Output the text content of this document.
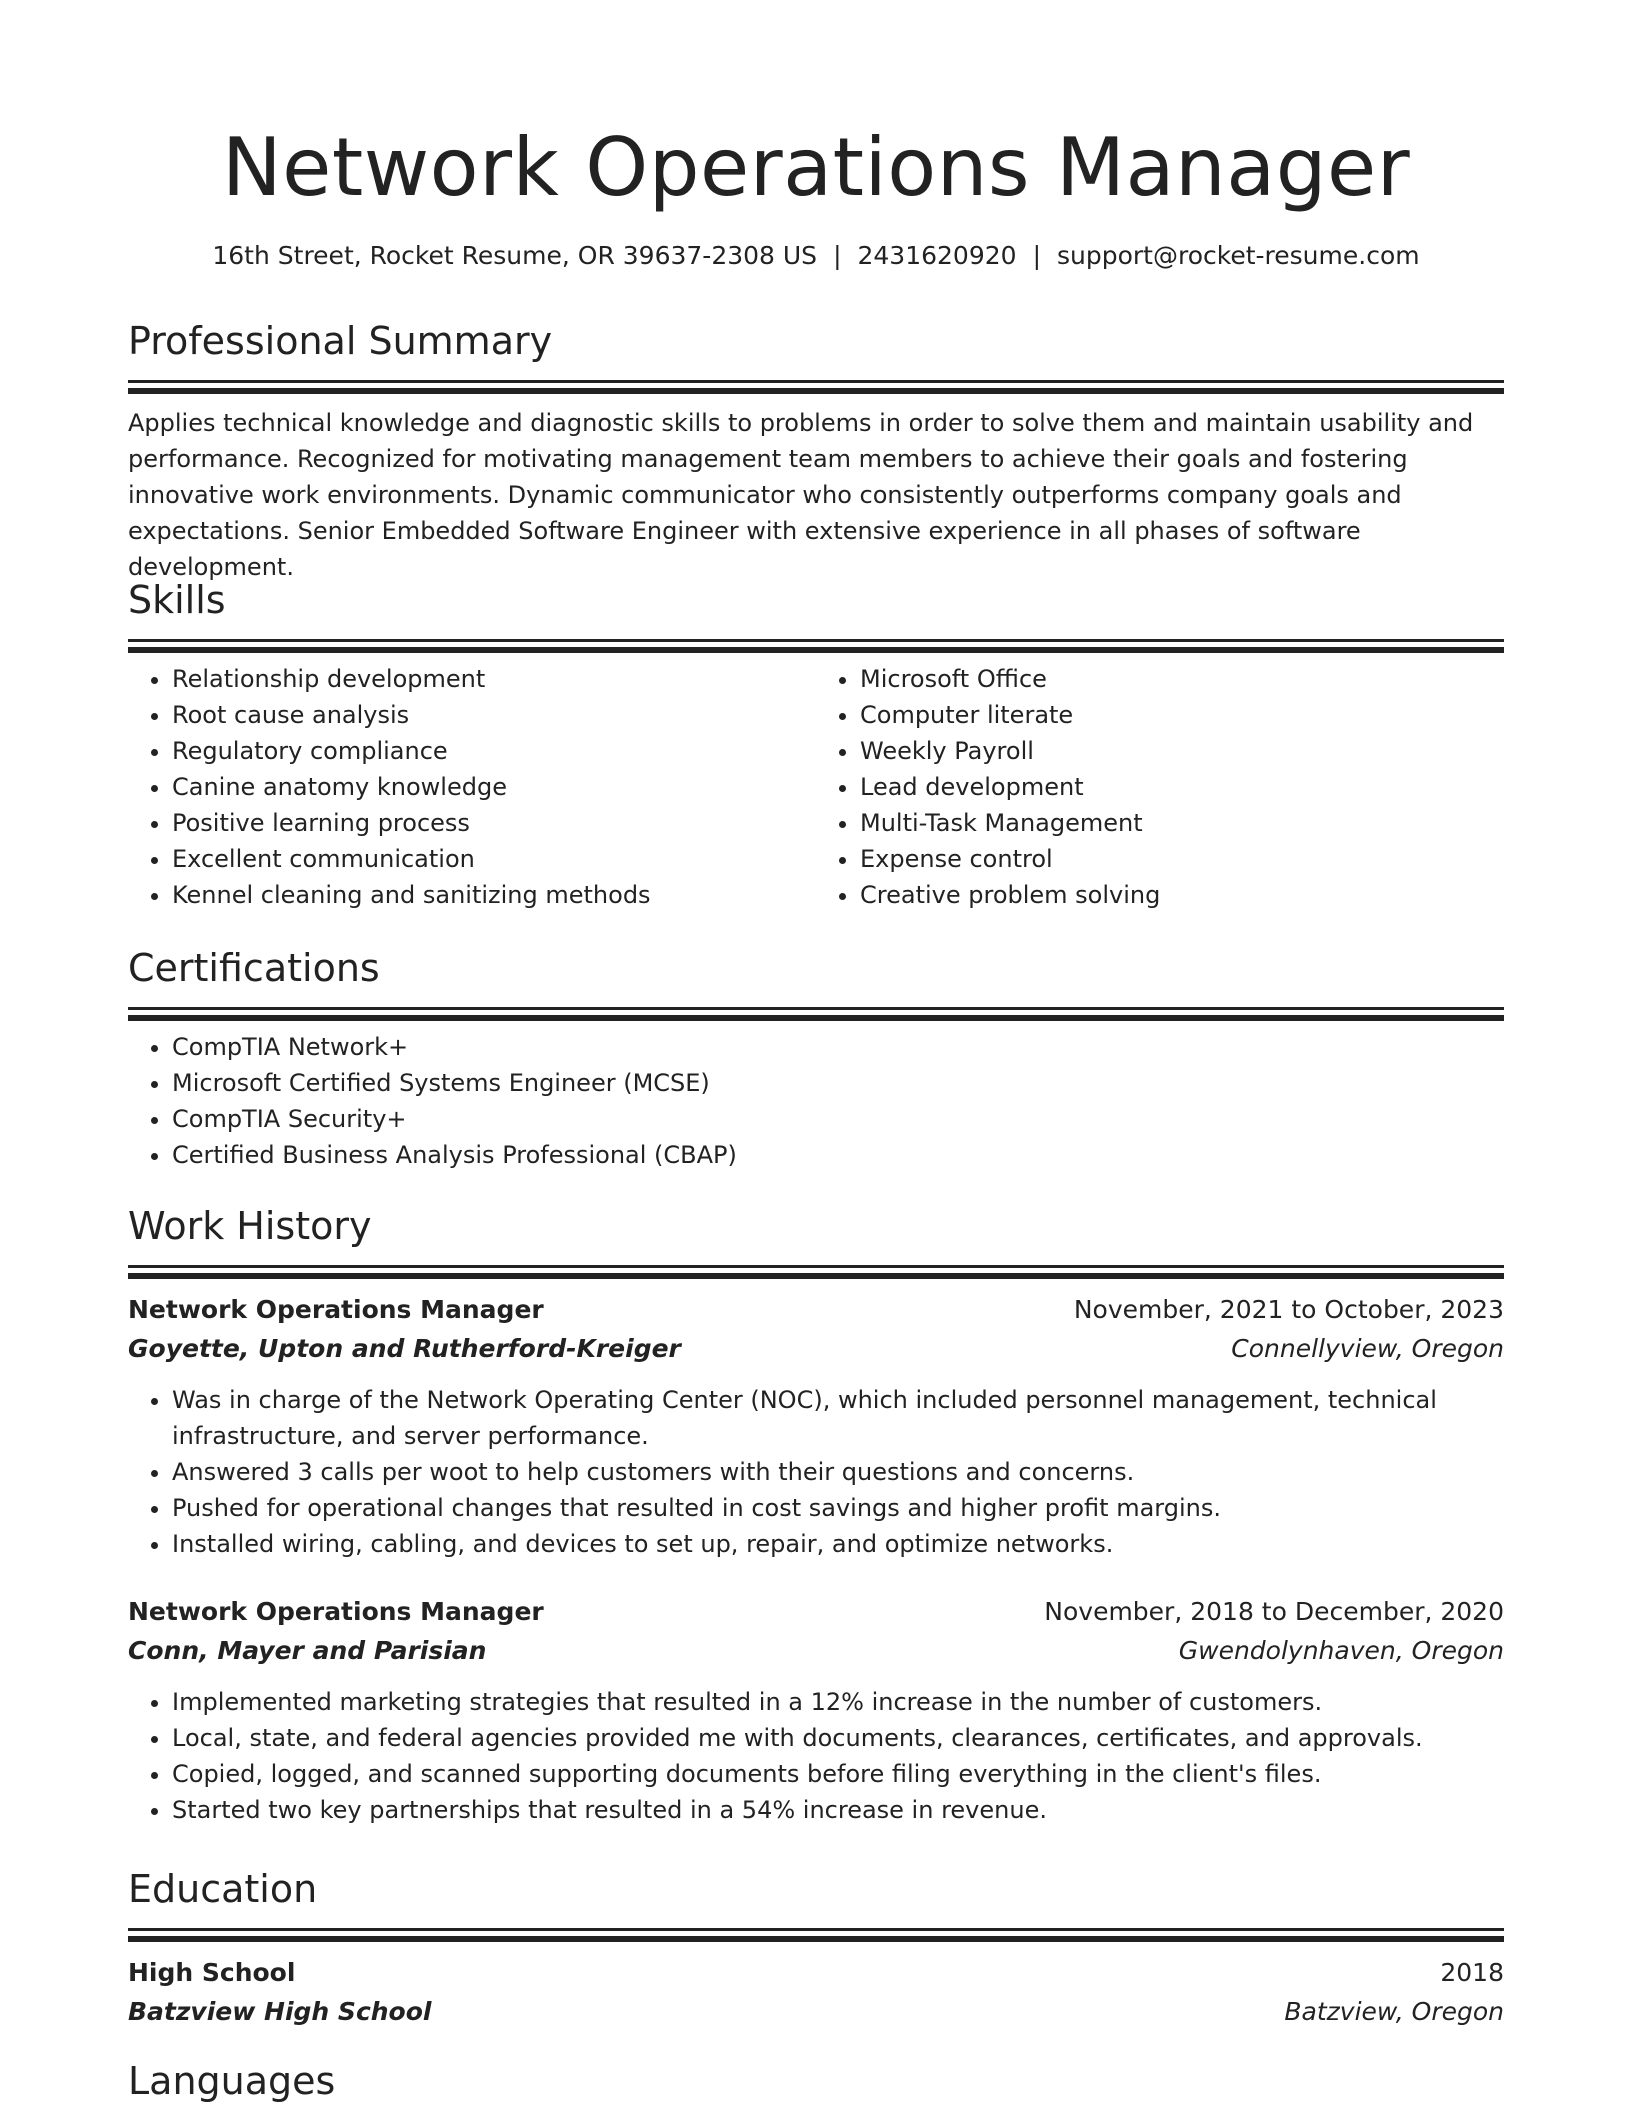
Network Operations Manager
16th Street, Rocket Resume, OR 39637-2308 US | 2431620920 | support@rocket-resume.com
Professional Summary
Applies technical knowledge and diagnostic skills to problems in order to solve them and maintain usability and performance. Recognized for motivating management team members to achieve their goals and fostering innovative work environments. Dynamic communicator who consistently outperforms company goals and expectations. Senior Embedded Software Engineer with extensive experience in all phases of software development.
Skills
• Relationship development
• Root cause analysis
• Regulatory compliance
• Canine anatomy knowledge
• Positive learning process
• Excellent communication
• Kennel cleaning and sanitizing methods
• Microsoft Office
• Computer literate
• Weekly Payroll
• Lead development
• Multi-Task Management
• Expense control
• Creative problem solving
Certifications
• CompTIA Network+
• Microsoft Certified Systems Engineer (MCSE)
• CompTIA Security+
• Certified Business Analysis Professional (CBAP)
Work History
Network Operations Manager	November, 2021 to October, 2023
Goyette, Upton and Rutherford-Kreiger	Connellyview, Oregon
• Was in charge of the Network Operating Center (NOC), which included personnel management, technical infrastructure, and server performance.
• Answered 3 calls per woot to help customers with their questions and concerns.
• Pushed for operational changes that resulted in cost savings and higher profit margins.
• Installed wiring, cabling, and devices to set up, repair, and optimize networks.
Network Operations Manager	November, 2018 to December, 2020
Conn, Mayer and Parisian	Gwendolynhaven, Oregon
• Implemented marketing strategies that resulted in a 12% increase in the number of customers.
• Local, state, and federal agencies provided me with documents, clearances, certificates, and approvals.
• Copied, logged, and scanned supporting documents before filing everything in the client's files.
• Started two key partnerships that resulted in a 54% increase in revenue.
Education
High School	2018
Batzview High School	Batzview, Oregon
Languages
